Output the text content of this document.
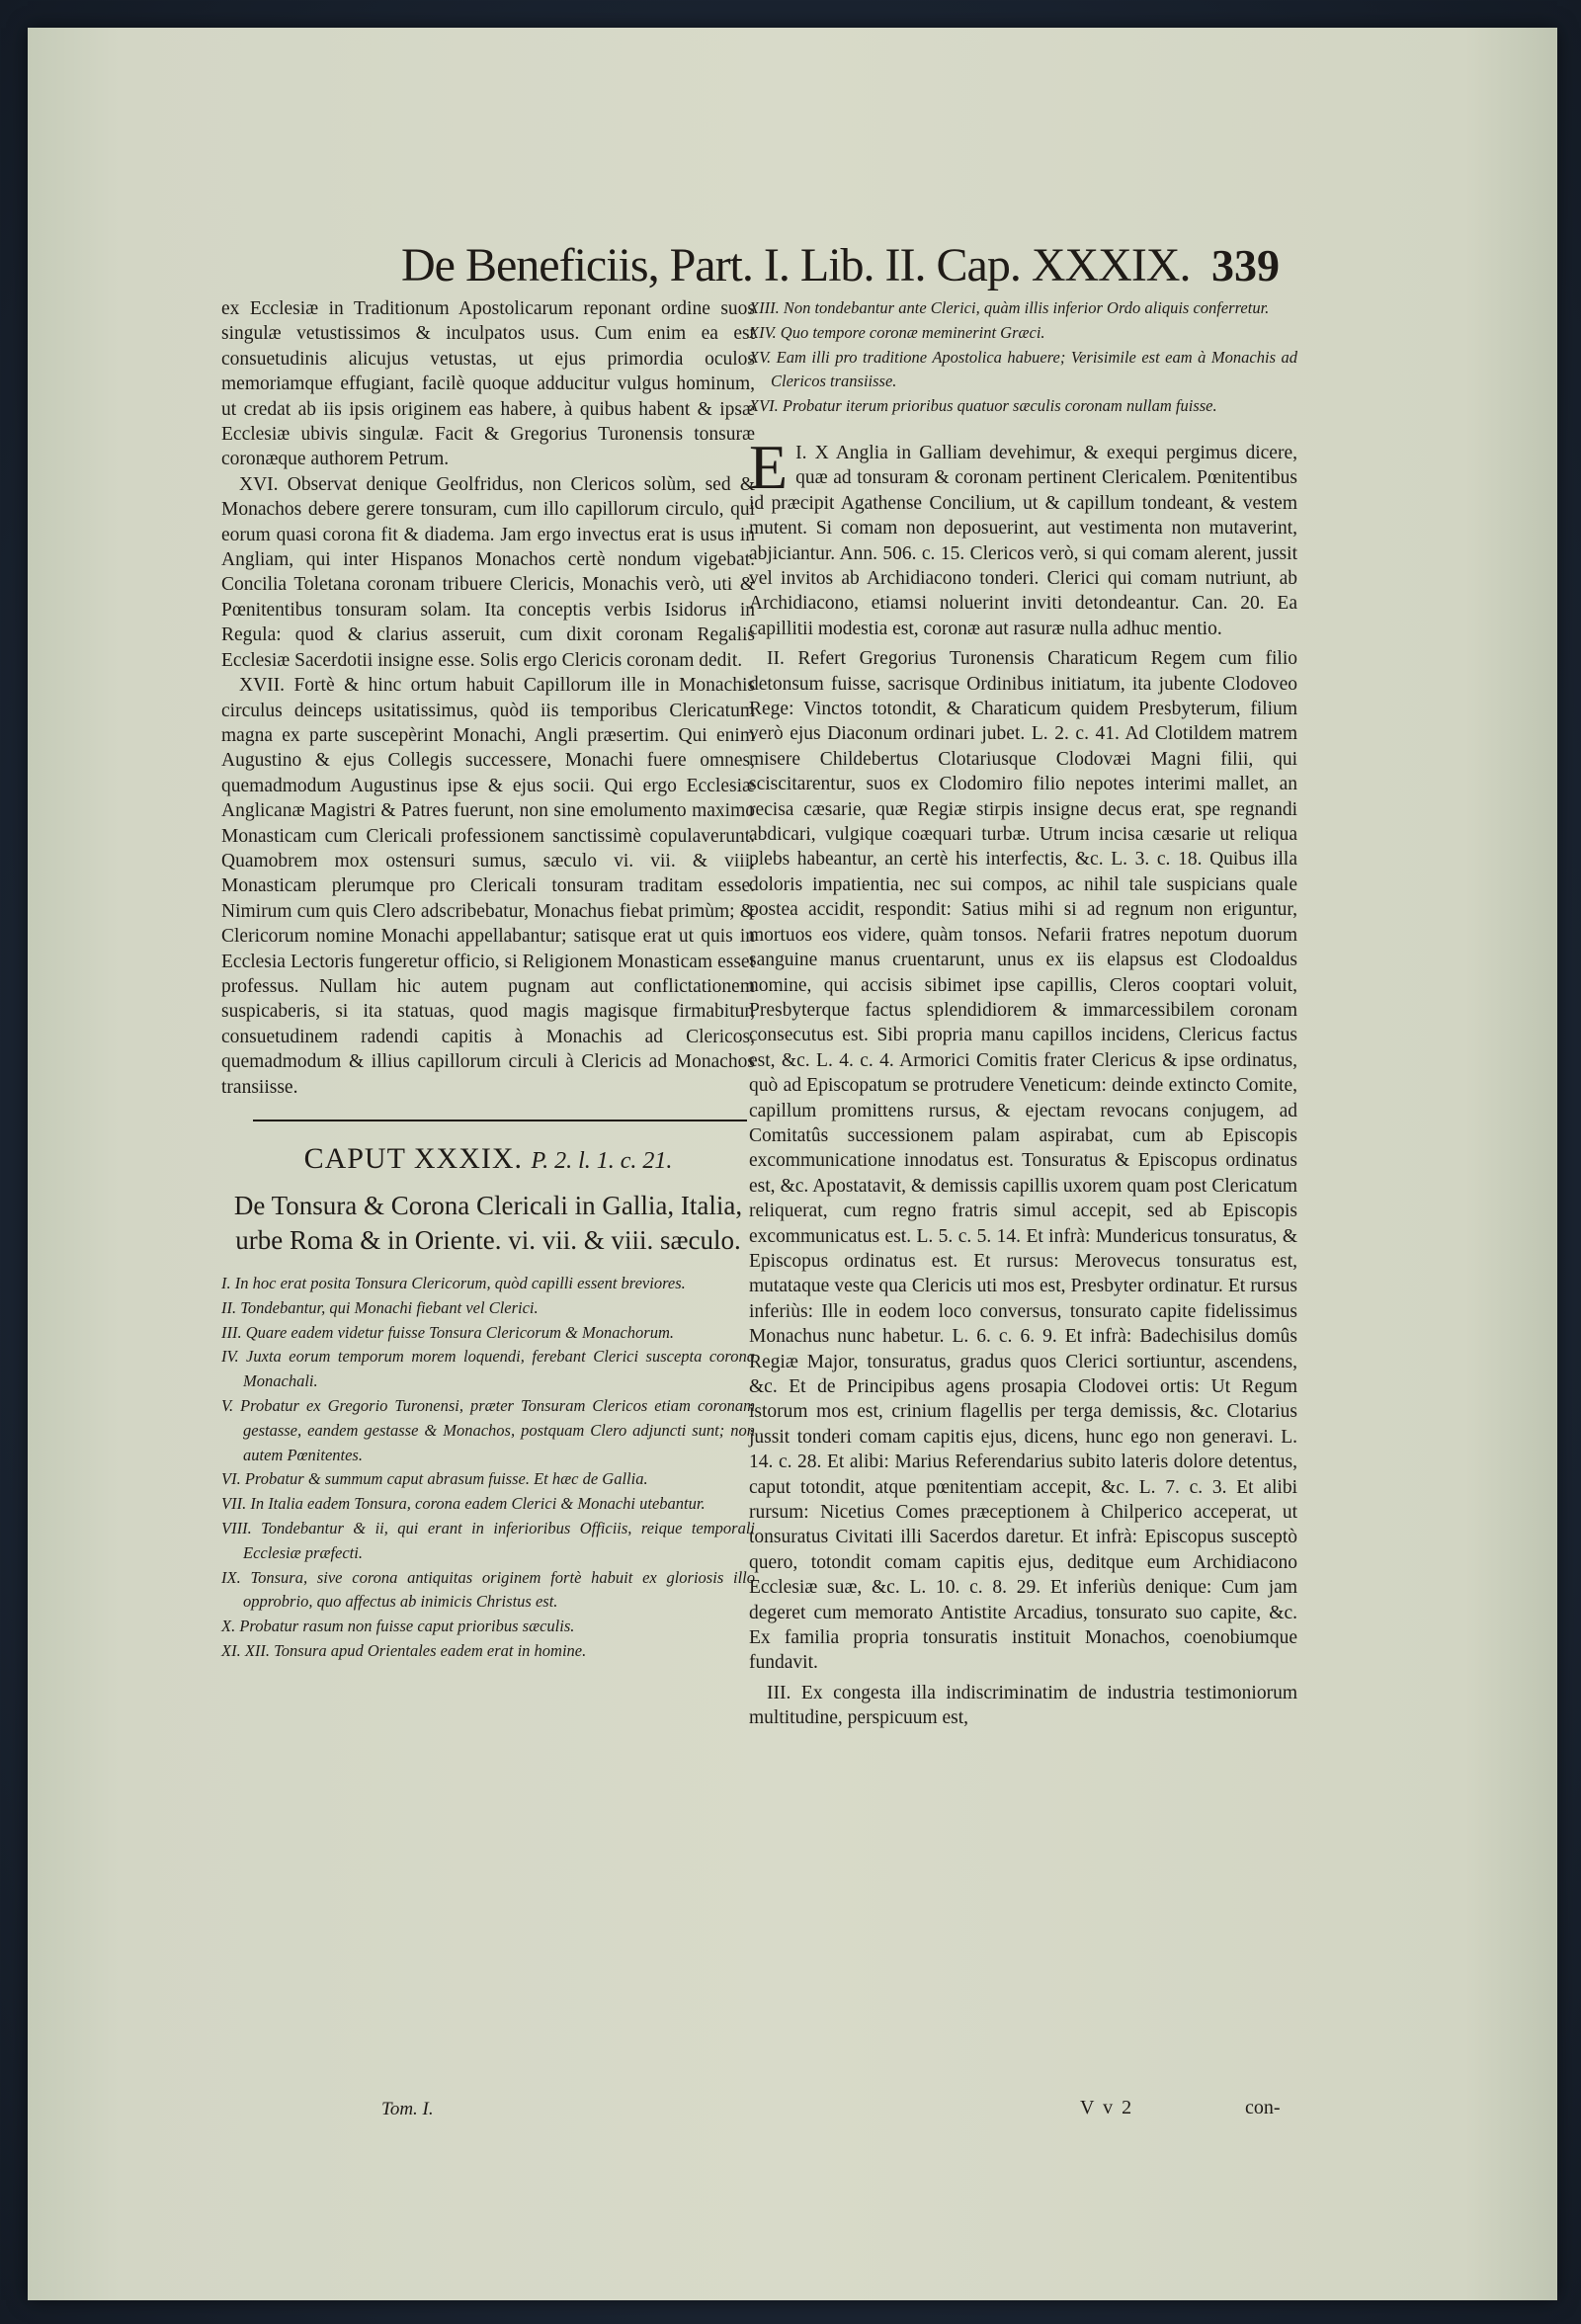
De Beneficiis, Part. I. Lib. II. Cap. XXXIX. 339

ex Ecclesiæ in Traditionum Apostolicarum reponant ordine suos singulæ vetustissimos & inculpatos usus. Cum enim ea est consuetudinis alicujus vetustas, ut ejus primordia oculos memoriamque effugiant, facilè quoque adducitur vulgus hominum, ut credat ab iis ipsis originem eas habere, à quibus habent & ipsæ Ecclesiæ ubivis singulæ. Facit & Gregorius Turonensis tonsuræ coronæque authorem Petrum.

XVI. Observat denique Geolfridus, non Clericos solùm, sed & Monachos debere gerere tonsuram, cum illo capillorum circulo, qui eorum quasi corona fit & diadema. Jam ergo invectus erat is usus in Angliam, qui inter Hispanos Monachos certè nondum vigebat. Concilia Toletana coronam tribuere Clericis, Monachis verò, uti & Pœnitentibus tonsuram solam. Ita conceptis verbis Isidorus in Regula: quod & clarius asseruit, cum dixit coronam Regalis Ecclesiæ Sacerdotii insigne esse. Solis ergo Clericis coronam dedit.

XVII. Fortè & hinc ortum habuit Capillorum ille in Monachis circulus deinceps usitatissimus, quòd iis temporibus Clericatum magna ex parte suscepèrint Monachi, Angli præsertim. Qui enim Augustino & ejus Collegis successere, Monachi fuere omnes, quemadmodum Augustinus ipse & ejus socii. Qui ergo Ecclesiæ Anglicanæ Magistri & Patres fuerunt, non sine emolumento maximo Monasticam cum Clericali professionem sanctissimè copulaverunt. Quamobrem mox ostensuri sumus, sæculo vi. vii. & viii. Monasticam plerumque pro Clericali tonsuram traditam esse. Nimirum cum quis Clero adscribebatur, Monachus fiebat primùm; & Clericorum nomine Monachi appellabantur; satisque erat ut quis in Ecclesia Lectoris fungeretur officio, si Religionem Monasticam esset professus. Nullam hic autem pugnam aut conflictationem suspicaberis, si ita statuas, quod magis magisque firmabitur, consuetudinem radendi capitis à Monachis ad Clericos, quemadmodum & illius capillorum circuli à Clericis ad Monachos transiisse.

CAPUT XXXIX. P. 2. l. 1. c. 21.

De Tonsura & Corona Clericali in Gallia, Italia, urbe Roma & in Oriente. vi. vii. & viii. sæculo.

I. In hoc erat posita Tonsura Clericorum, quòd capilli essent breviores.

II. Tondebantur, qui Monachi fiebant vel Clerici.

III. Quare eadem videtur fuisse Tonsura Clericorum & Monachorum.

IV. Juxta eorum temporum morem loquendi, ferebant Clerici suscepta corona Monachali.

V. Probatur ex Gregorio Turonensi, præter Tonsuram Clericos etiam coronam gestasse, eandem gestasse & Monachos, postquam Clero adjuncti sunt; non autem Pœnitentes.

VI. Probatur & summum caput abrasum fuisse. Et hæc de Gallia.

VII. In Italia eadem Tonsura, corona eadem Clerici & Monachi utebantur.

VIII. Tondebantur & ii, qui erant in inferioribus Officiis, reique temporali Ecclesiæ præfecti.

IX. Tonsura, sive corona antiquitas originem fortè habuit ex gloriosis illo opprobrio, quo affectus ab inimicis Christus est.

X. Probatur rasum non fuisse caput prioribus sæculis.

XI. XII. Tonsura apud Orientales eadem erat in homine.

XIII. Non tondebantur ante Clerici, quàm illis inferior Ordo aliquis conferretur.

XIV. Quo tempore coronæ meminerint Græci.

XV. Eam illi pro traditione Apostolica habuere; Verisimile est eam à Monachis ad Clericos transiisse.

XVI. Probatur iterum prioribus quatuor sæculis coronam nullam fuisse.

I.
E X Anglia in Galliam devehimur, & exequi pergimus dicere, quæ ad tonsuram & coronam pertinent Clericalem. Pœnitentibus id præcipit Agathense Concilium, ut & capillum tondeant, & vestem mutent. Si comam non deposuerint, aut vestimenta non mutaverint, abjiciantur. Ann. 506. c. 15. Clericos verò, si qui comam alerent, jussit vel invitos ab Archidiacono tonderi. Clerici qui comam nutriunt, ab Archidiacono, etiamsi noluerint inviti detondeantur. Can. 20. Ea capillitii modestia est, coronæ aut rasuræ nulla adhuc mentio.

II. Refert Gregorius Turonensis Charaticum Regem cum filio detonsum fuisse, sacrisque Ordinibus initiatum, ita jubente Clodoveo Rege: Vinctos totondit, & Charaticum quidem Presbyterum, filium verò ejus Diaconum ordinari jubet. L. 2. c. 41. Ad Clotildem matrem misere Childebertus Clotariusque Clodovæi Magni filii, qui sciscitarentur, suos ex Clodomiro filio nepotes interimi mallet, an recisa cæsarie, quæ Regiæ stirpis insigne decus erat, spe regnandi abdicari, vulgique coæquari turbæ. Utrum incisa cæsarie ut reliqua plebs habeantur, an certè his interfectis, &c. L. 3. c. 18. Quibus illa doloris impatientia, nec sui compos, ac nihil tale suspicians quale postea accidit, respondit: Satius mihi si ad regnum non eriguntur, mortuos eos videre, quàm tonsos. Nefarii fratres nepotum duorum sanguine manus cruentarunt, unus ex iis elapsus est Clodoaldus nomine, qui accisis sibimet ipse capillis, Cleros cooptari voluit, Presbyterque factus splendidiorem & immarcessibilem coronam consecutus est. Sibi propria manu capillos incidens, Clericus factus est, &c. L. 4. c. 4. Armorici Comitis frater Clericus & ipse ordinatus, quò ad Episcopatum se protrudere Veneticum: deinde extincto Comite, capillum promittens rursus, & ejectam revocans conjugem, ad Comitatûs successionem palam aspirabat, cum ab Episcopis excommunicatione innodatus est. Tonsuratus & Episcopus ordinatus est, &c. Apostatavit, & demissis capillis uxorem quam post Clericatum reliquerat, cum regno fratris simul accepit, sed ab Episcopis excommunicatus est. L. 5. c. 5. 14. Et infrà: Mundericus tonsuratus, & Episcopus ordinatus est. Et rursus: Merovecus tonsuratus est, mutataque veste qua Clericis uti mos est, Presbyter ordinatur. Et rursus inferiùs: Ille in eodem loco conversus, tonsurato capite fidelissimus Monachus nunc habetur. L. 6. c. 6. 9. Et infrà: Badechisilus domûs Regiæ Major, tonsuratus, gradus quos Clerici sortiuntur, ascendens, &c. Et de Principibus agens prosapia Clodovei ortis: Ut Regum istorum mos est, crinium flagellis per terga demissis, &c. Clotarius jussit tonderi comam capitis ejus, dicens, hunc ego non generavi. L. 14. c. 28. Et alibi: Marius Referendarius subito lateris dolore detentus, caput totondit, atque pœnitentiam accepit, &c. L. 7. c. 3. Et alibi rursum: Nicetius Comes præceptionem à Chilperico acceperat, ut tonsuratus Civitati illi Sacerdos daretur. Et infrà: Episcopus susceptò quero, totondit comam capitis ejus, deditque eum Archidiacono Ecclesiæ suæ, &c. L. 10. c. 8. 29. Et inferiùs denique: Cum jam degeret cum memorato Antistite Arcadius, tonsurato suo capite, &c. Ex familia propria tonsuratis instituit Monachos, coenobiumque fundavit.

III. Ex congesta illa indiscriminatim de industria testimoniorum multitudine, perspicuum est,

Tom. I.	V v 2	con-
